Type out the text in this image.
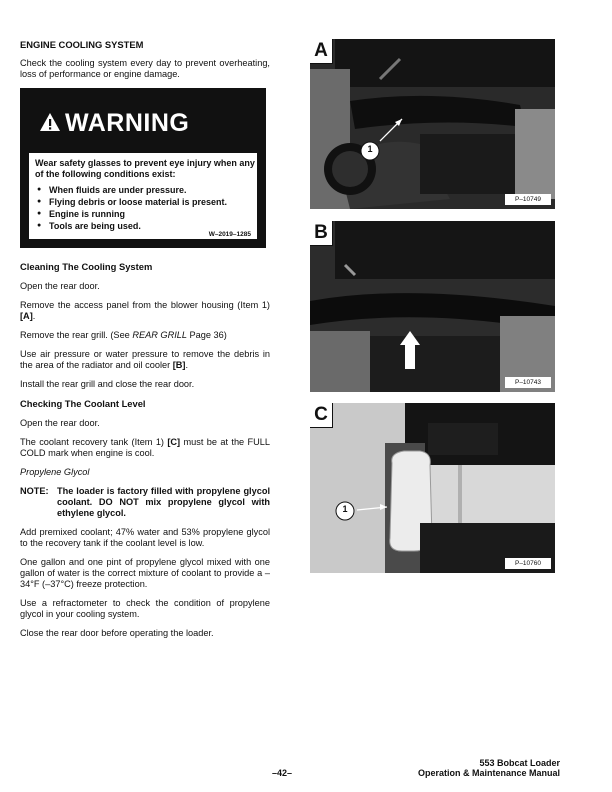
ENGINE COOLING SYSTEM

Check the cooling system every day to prevent overheating, loss of performance or engine damage.

WARNING
Wear safety glasses to prevent eye injury when any of the following conditions exist:
● When fluids are under pressure.
● Flying debris or loose material is present.
● Engine is running
● Tools are being used.
W–2019–1285

Cleaning The Cooling System

Open the rear door.

Remove the access panel from the blower housing (Item 1) [A].

Remove the rear grill. (See REAR GRILL Page 36)

Use air pressure or water pressure to remove the debris in the area of the radiator and oil cooler [B].

Install the rear grill and close the rear door.

Checking The Coolant Level

Open the rear door.

The coolant recovery tank (Item 1) [C] must be at the FULL COLD mark when engine is cool.

Propylene Glycol

NOTE: The loader is factory filled with propylene glycol coolant. DO NOT mix propylene glycol with ethylene glycol.

Add premixed coolant; 47% water and 53% propylene glycol to the recovery tank if the coolant level is low.

One gallon and one pint of propylene glycol mixed with one gallon of water is the correct mixture of coolant to provide a –34°F (–37°C) freeze protection.

Use a refractometer to check the condition of propylene glycol in your cooling system.

Close the rear door before operating the loader.

A
1
P–10749
B
P–10743
C
1
P–10760
–42–
553 Bobcat Loader
Operation & Maintenance Manual
